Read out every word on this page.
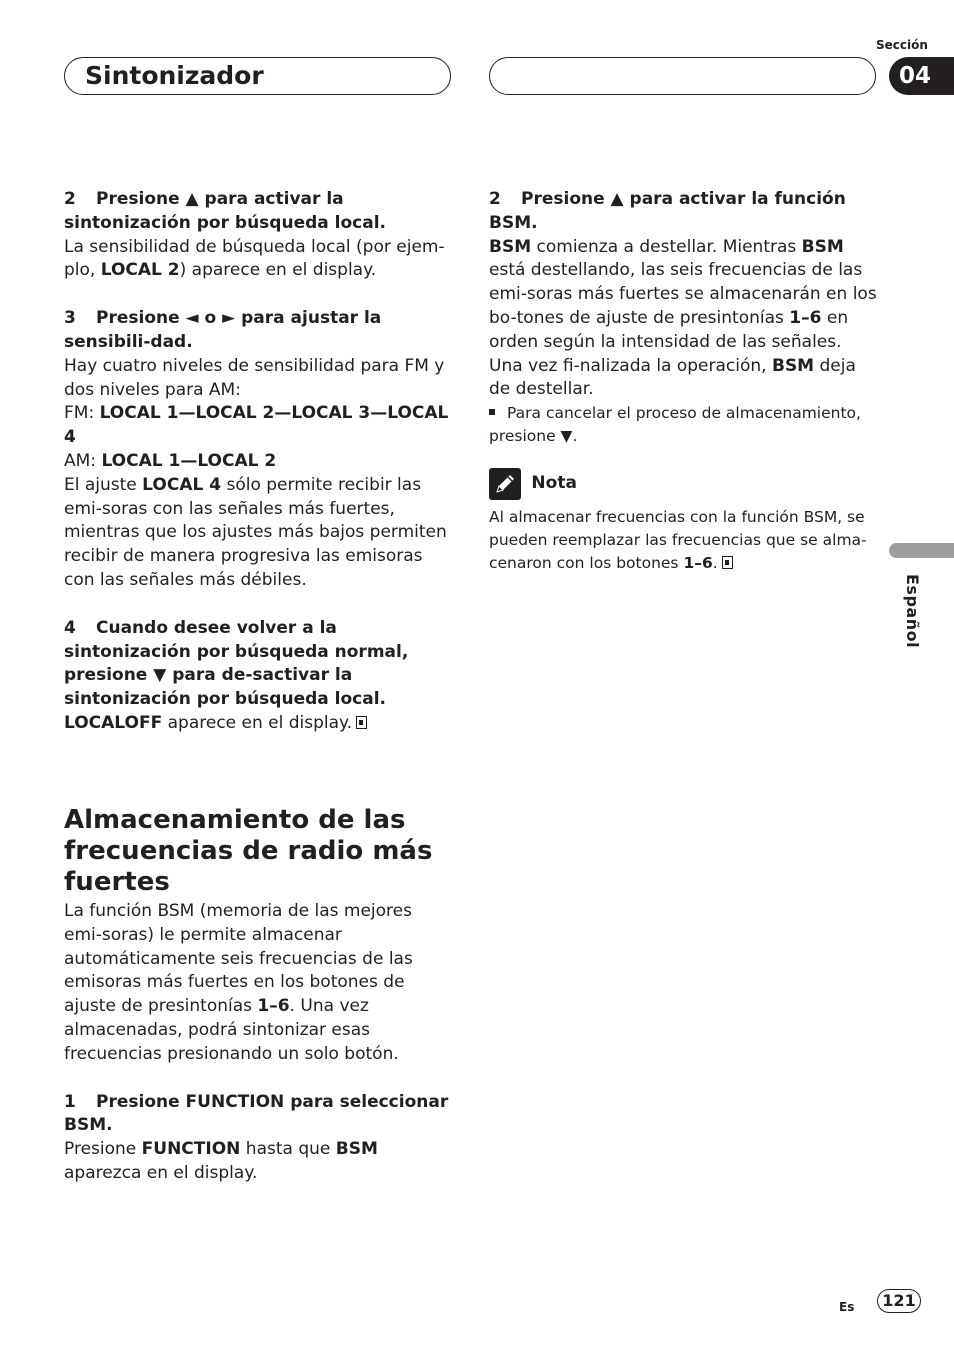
Sintonizador
Sección
04

2 Presione ▲ para activar la sintonización por búsqueda local.

La sensibilidad de búsqueda local (por ejem-plo, LOCAL 2) aparece en el display.

3 Presione ◄ o ► para ajustar la sensibili-dad.

Hay cuatro niveles de sensibilidad para FM y dos niveles para AM:

FM: LOCAL 1—LOCAL 2—LOCAL 3—LOCAL 4

AM: LOCAL 1—LOCAL 2

El ajuste LOCAL 4 sólo permite recibir las emi-soras con las señales más fuertes, mientras que los ajustes más bajos permiten recibir de manera progresiva las emisoras con las señales más débiles.

4 Cuando desee volver a la sintonización por búsqueda normal, presione ▼ para de-sactivar la sintonización por búsqueda local.

LOCALOFF aparece en el display.

Almacenamiento de las frecuencias de radio más fuertes

La función BSM (memoria de las mejores emi-soras) le permite almacenar automáticamente seis frecuencias de las emisoras más fuertes en los botones de ajuste de presintonías 1–6. Una vez almacenadas, podrá sintonizar esas frecuencias presionando un solo botón.

1 Presione FUNCTION para seleccionar BSM.

Presione FUNCTION hasta que BSM aparezca en el display.

2 Presione ▲ para activar la función BSM.

BSM comienza a destellar. Mientras BSM está destellando, las seis frecuencias de las emi-soras más fuertes se almacenarán en los bo-tones de ajuste de presintonías 1–6 en orden según la intensidad de las señales. Una vez fi-nalizada la operación, BSM deja de destellar.

Para cancelar el proceso de almacenamiento, presione ▼.

Nota

Al almacenar frecuencias con la función BSM, se pueden reemplazar las frecuencias que se alma-cenaron con los botones 1–6.

Español
Es	121
